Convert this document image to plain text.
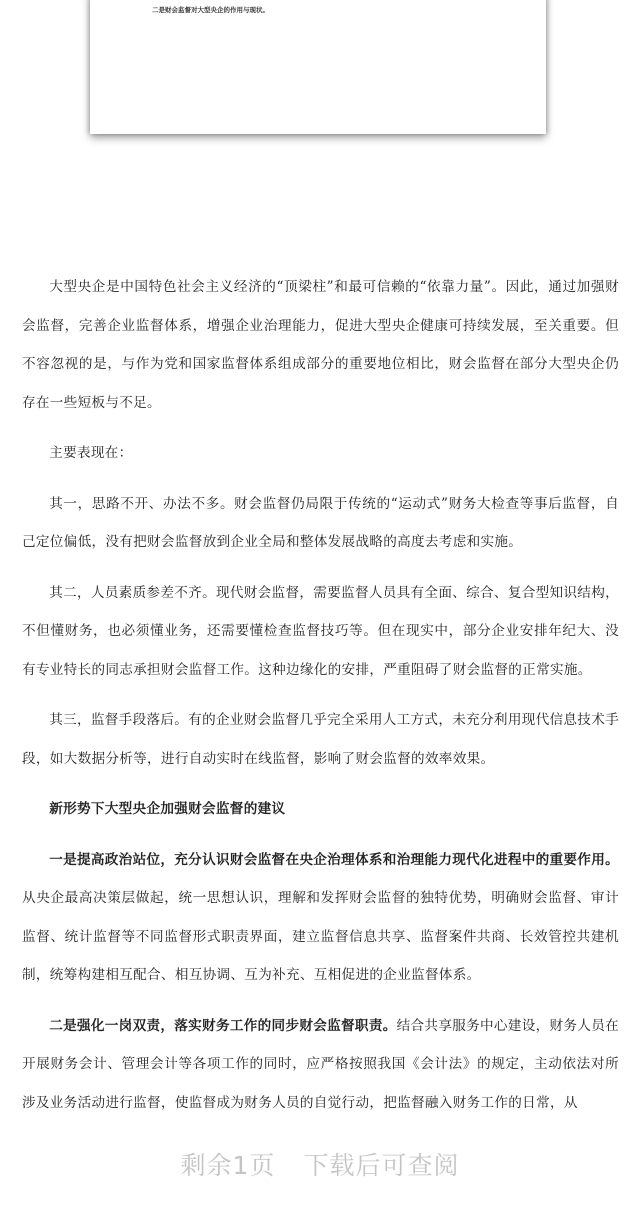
二是财会监督对大型央企的作用与现状。

大型央企是中国特色社会主义经济的“顶梁柱”和最可信赖的“依靠力量”。因此，通过加强财会监督，完善企业监督体系，增强企业治理能力，促进大型央企健康可持续发展，至关重要。但不容忽视的是，与作为党和国家监督体系组成部分的重要地位相比，财会监督在部分大型央企仍存在一些短板与不足。

主要表现在：

其一，思路不开、办法不多。财会监督仍局限于传统的“运动式”财务大检查等事后监督，自己定位偏低，没有把财会监督放到企业全局和整体发展战略的高度去考虑和实施。

其二，人员素质参差不齐。现代财会监督，需要监督人员具有全面、综合、复合型知识结构，不但懂财务，也必须懂业务，还需要懂检查监督技巧等。但在现实中，部分企业安排年纪大、没有专业特长的同志承担财会监督工作。这种边缘化的安排，严重阻碍了财会监督的正常实施。

其三，监督手段落后。有的企业财会监督几乎完全采用人工方式，未充分利用现代信息技术手段，如大数据分析等，进行自动实时在线监督，影响了财会监督的效率效果。

新形势下大型央企加强财会监督的建议

一是提高政治站位，充分认识财会监督在央企治理体系和治理能力现代化进程中的重要作用。从央企最高决策层做起，统一思想认识，理解和发挥财会监督的独特优势，明确财会监督、审计监督、统计监督等不同监督形式职责界面，建立监督信息共享、监督案件共商、长效管控共建机制，统筹构建相互配合、相互协调、互为补充、互相促进的企业监督体系。

二是强化一岗双责，落实财务工作的同步财会监督职责。结合共享服务中心建设，财务人员在开展财务会计、管理会计等各项工作的同时，应严格按照我国《会计法》的规定，主动依法对所涉及业务活动进行监督，使监督成为财务人员的自觉行动，把监督融入财务工作的日常，从

剩余1页 下载后可查阅
